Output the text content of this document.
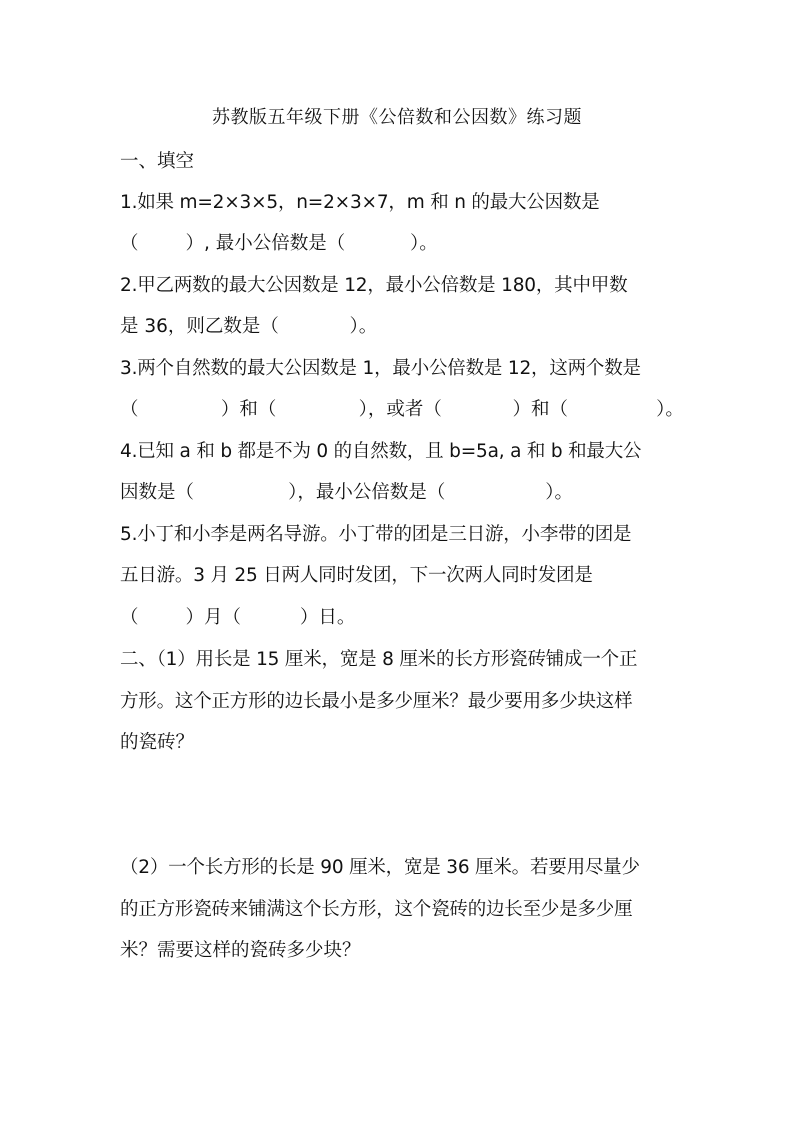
苏教版五年级下册《公倍数和公因数》练习题
一、填空
1.如果 m=2×3×5，n=2×3×7，m 和 n 的最大公因数是
（        ）, 最小公倍数是（           ）。
2.甲乙两数的最大公因数是 12，最小公倍数是 180，其中甲数
是 36，则乙数是（            ）。
3.两个自然数的最大公因数是 1，最小公倍数是 12，这两个数是
（              ）和（              ），或者（            ）和（               ）。
4.已知 a 和 b 都是不为 0 的自然数，且 b=5a, a 和 b 和最大公
因数是（                ），最小公倍数是（                 ）。
5.小丁和小李是两名导游。小丁带的团是三日游，小李带的团是
五日游。3 月 25 日两人同时发团，下一次两人同时发团是
（        ）月（          ）日。
二、（1）用长是 15 厘米，宽是 8 厘米的长方形瓷砖铺成一个正
方形。这个正方形的边长最小是多少厘米？最少要用多少块这样
的瓷砖？
（2）一个长方形的长是 90 厘米，宽是 36 厘米。若要用尽量少
的正方形瓷砖来铺满这个长方形，这个瓷砖的边长至少是多少厘
米？需要这样的瓷砖多少块？
